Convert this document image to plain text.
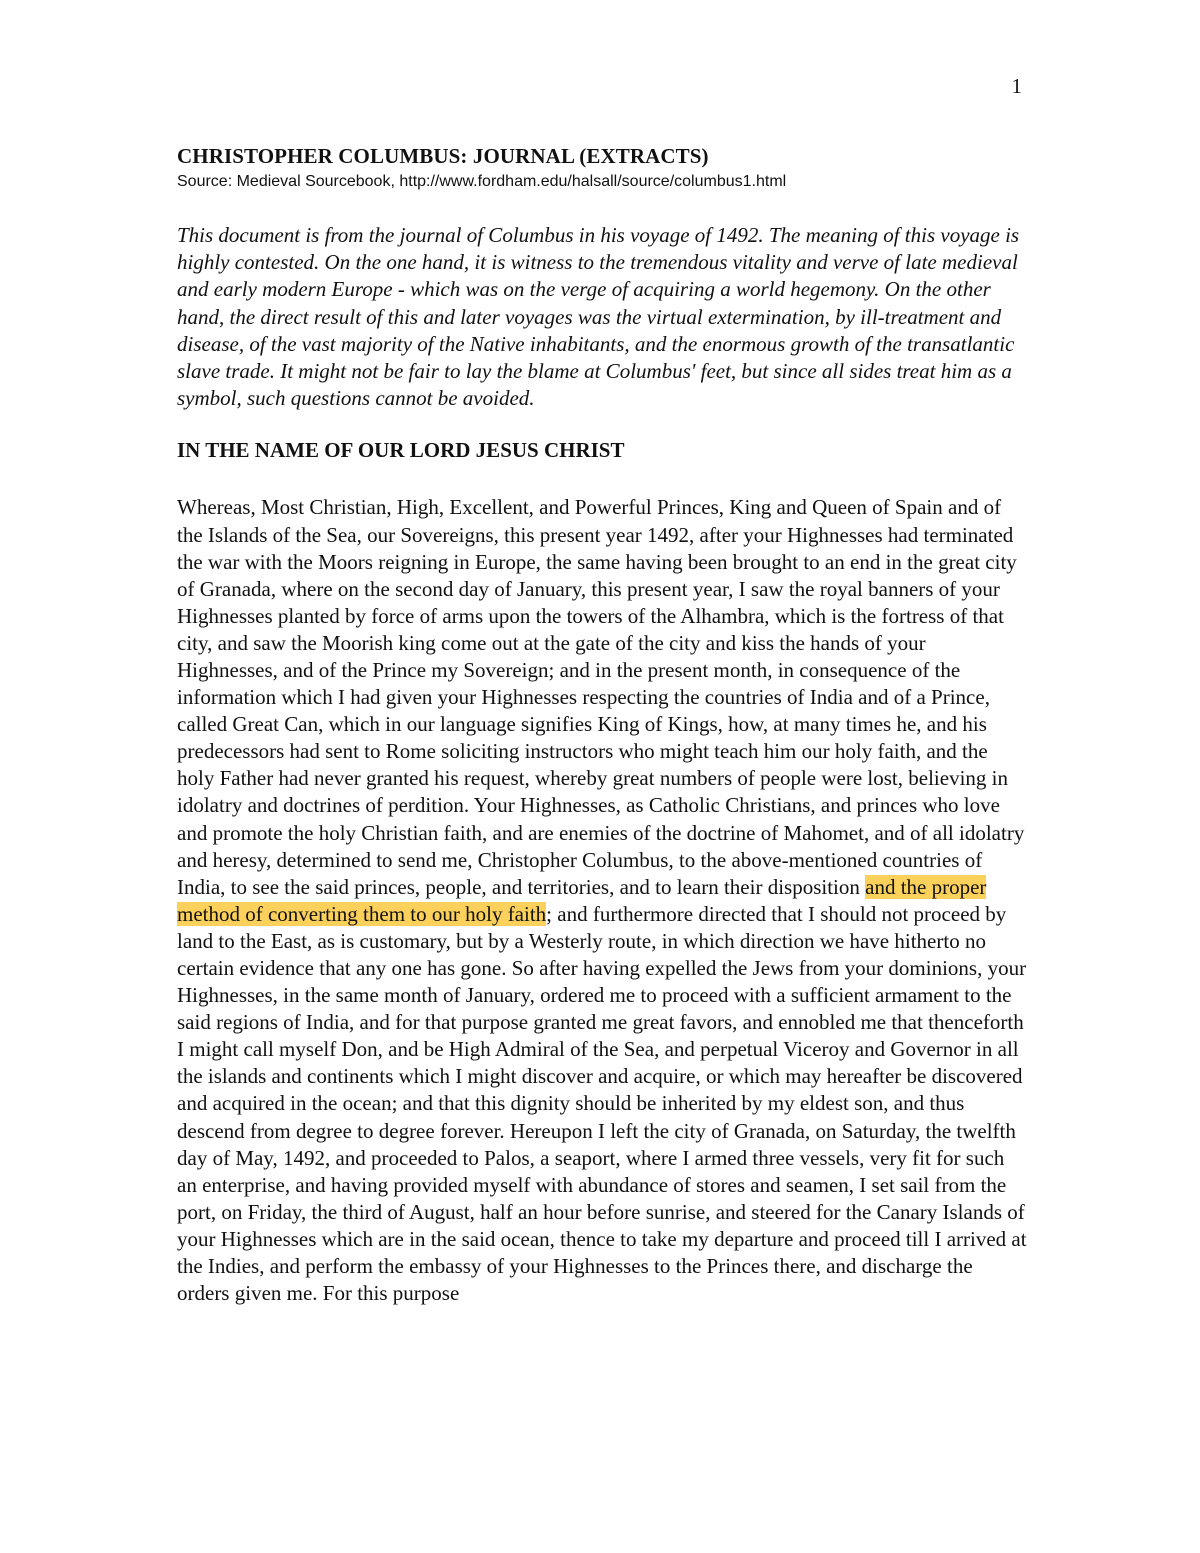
1
CHRISTOPHER COLUMBUS: JOURNAL (EXTRACTS)

Source: Medieval Sourcebook, http://www.fordham.edu/halsall/source/columbus1.html

This document is from the journal of Columbus in his voyage of 1492. The meaning of this voyage is highly contested. On the one hand, it is witness to the tremendous vitality and verve of late medieval and early modern Europe - which was on the verge of acquiring a world hegemony. On the other hand, the direct result of this and later voyages was the virtual extermination, by ill-treatment and disease, of the vast majority of the Native inhabitants, and the enormous growth of the transatlantic slave trade. It might not be fair to lay the blame at Columbus' feet, but since all sides treat him as a symbol, such questions cannot be avoided.

IN THE NAME OF OUR LORD JESUS CHRIST

Whereas, Most Christian, High, Excellent, and Powerful Princes, King and Queen of Spain and of the Islands of the Sea, our Sovereigns, this present year 1492, after your Highnesses had terminated the war with the Moors reigning in Europe, the same having been brought to an end in the great city of Granada, where on the second day of January, this present year, I saw the royal banners of your Highnesses planted by force of arms upon the towers of the Alhambra, which is the fortress of that city, and saw the Moorish king come out at the gate of the city and kiss the hands of your Highnesses, and of the Prince my Sovereign; and in the present month, in consequence of the information which I had given your Highnesses respecting the countries of India and of a Prince, called Great Can, which in our language signifies King of Kings, how, at many times he, and his predecessors had sent to Rome soliciting instructors who might teach him our holy faith, and the holy Father had never granted his request, whereby great numbers of people were lost, believing in idolatry and doctrines of perdition. Your Highnesses, as Catholic Christians, and princes who love and promote the holy Christian faith, and are enemies of the doctrine of Mahomet, and of all idolatry and heresy, determined to send me, Christopher Columbus, to the above-mentioned countries of India, to see the said princes, people, and territories, and to learn their disposition and the proper method of converting them to our holy faith; and furthermore directed that I should not proceed by land to the East, as is customary, but by a Westerly route, in which direction we have hitherto no certain evidence that any one has gone. So after having expelled the Jews from your dominions, your Highnesses, in the same month of January, ordered me to proceed with a sufficient armament to the said regions of India, and for that purpose granted me great favors, and ennobled me that thenceforth I might call myself Don, and be High Admiral of the Sea, and perpetual Viceroy and Governor in all the islands and continents which I might discover and acquire, or which may hereafter be discovered and acquired in the ocean; and that this dignity should be inherited by my eldest son, and thus descend from degree to degree forever. Hereupon I left the city of Granada, on Saturday, the twelfth day of May, 1492, and proceeded to Palos, a seaport, where I armed three vessels, very fit for such an enterprise, and having provided myself with abundance of stores and seamen, I set sail from the port, on Friday, the third of August, half an hour before sunrise, and steered for the Canary Islands of your Highnesses which are in the said ocean, thence to take my departure and proceed till I arrived at the Indies, and perform the embassy of your Highnesses to the Princes there, and discharge the orders given me. For this purpose
